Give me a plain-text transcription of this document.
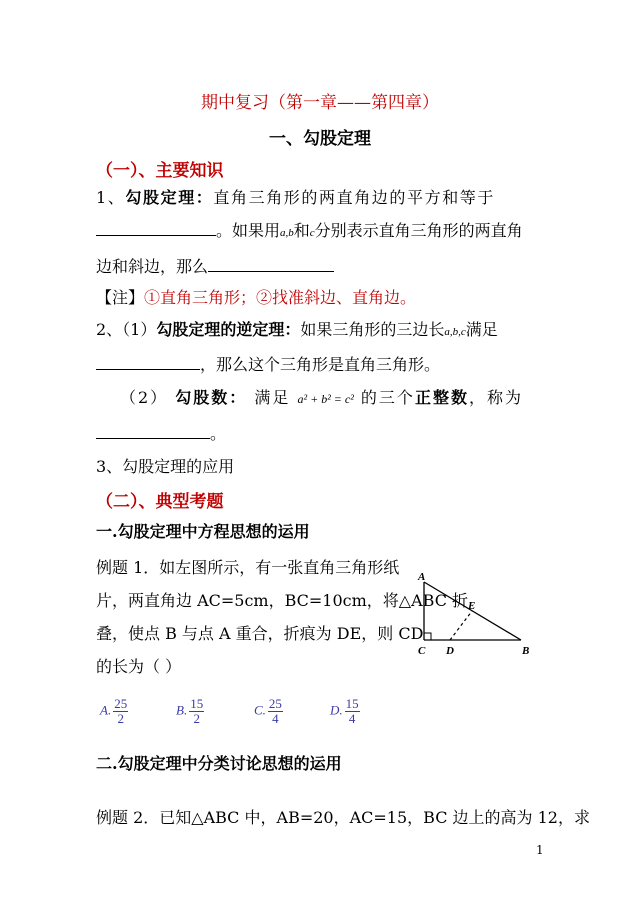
期中复习（第一章——第四章）
一、勾股定理
（一）、主要知识
1、勾股定理：直角三角形的两直角边的平方和等于
。如果用a,b和c分别表示直角三角形的两直角
边和斜边，那么
【注】①直角三角形；②找准斜边、直角边。
2、（1）勾股定理的逆定理：如果三角形的三边长a,b,c满足
，那么这个三角形是直角三角形。
（2） 勾股数： 满足 a² + b² = c² 的三个正整数，称为
。
3、勾股定理的应用
（二）、典型考题
一.勾股定理中方程思想的运用
例题 1．如左图所示，有一张直角三角形纸
片，两直角边 AC=5cm，BC=10cm，将△ABC 折
叠，使点 B 与点 A 重合，折痕为 DE，则 CD
的长为（ ）
A
C D	B
E
A. $\frac{25}{2}$	B. $\frac{15}{2}$	C. $\frac{25}{4}$	D. $\frac{15}{4}$
二.勾股定理中分类讨论思想的运用
例题 2．已知△ABC 中，AB=20，AC=15，BC 边上的高为 12，求
1
